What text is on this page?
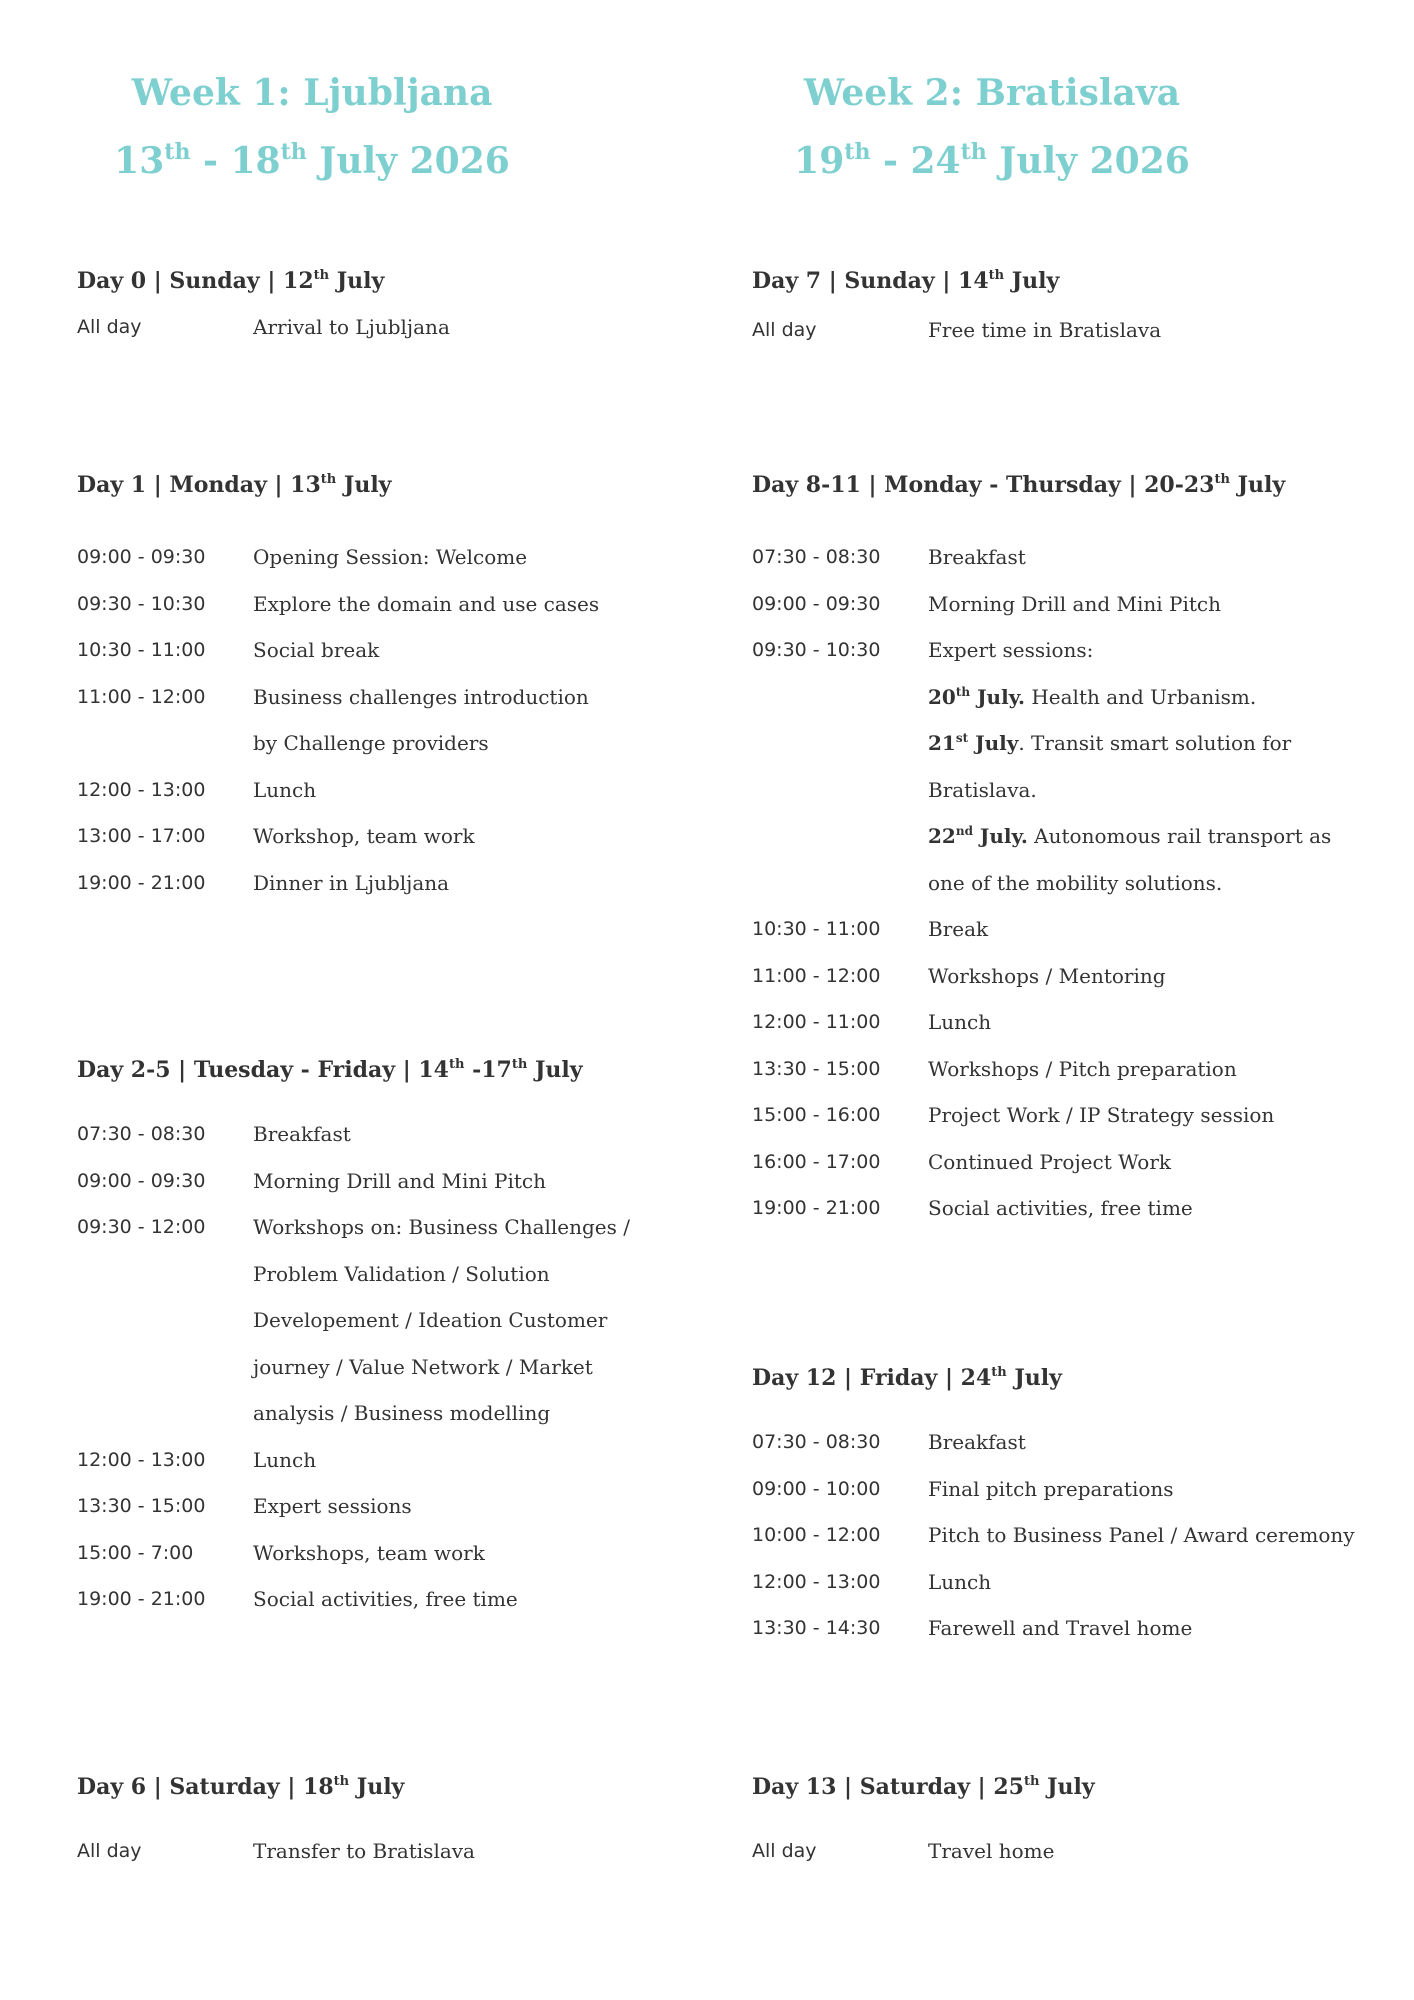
Week 1: Ljubljana
13th - 18th July 2026
Day 0 | Sunday | 12th July
All day	Arrival to Ljubljana
Day 1 | Monday | 13th July
09:00 - 09:30 Opening Session: Welcome
09:30 - 10:30 Explore the domain and use cases
10:30 - 11:00 Social break
11:00 - 12:00 Business challenges introduction
by Challenge providers
12:00 - 13:00 Lunch
13:00 - 17:00 Workshop, team work
19:00 - 21:00 Dinner in Ljubljana
Day 2-5 | Tuesday - Friday | 14th -17th July
07:30 - 08:30 Breakfast
09:00 - 09:30 Morning Drill and Mini Pitch
09:30 - 12:00 Workshops on: Business Challenges /
Problem Validation / Solution
Developement / Ideation Customer
journey / Value Network / Market
analysis / Business modelling
12:00 - 13:00 Lunch
13:30 - 15:00 Expert sessions
15:00 - 7:00	Workshops, team work
19:00 - 21:00 Social activities, free time
Day 6 | Saturday | 18th July
All day	Transfer to Bratislava
Week 2: Bratislava
19th - 24th July 2026
Day 7 | Sunday | 14th July
All day	Free time in Bratislava
Day 8-11 | Monday - Thursday | 20-23th July
07:30 - 08:30 Breakfast
09:00 - 09:30 Morning Drill and Mini Pitch
09:30 - 10:30 Expert sessions:
20th July. Health and Urbanism.
21st July. Transit smart solution for
Bratislava.
22nd July. Autonomous rail transport as
one of the mobility solutions.
10:30 - 11:00 Break
11:00 - 12:00 Workshops / Mentoring
12:00 - 11:00 Lunch
13:30 - 15:00 Workshops / Pitch preparation
15:00 - 16:00 Project Work / IP Strategy session
16:00 - 17:00 Continued Project Work
19:00 - 21:00 Social activities, free time
Day 12 | Friday | 24th July
07:30 - 08:30 Breakfast
09:00 - 10:00 Final pitch preparations
10:00 - 12:00 Pitch to Business Panel / Award ceremony
12:00 - 13:00 Lunch
13:30 - 14:30 Farewell and Travel home
Day 13 | Saturday | 25th July
All day	Travel home
